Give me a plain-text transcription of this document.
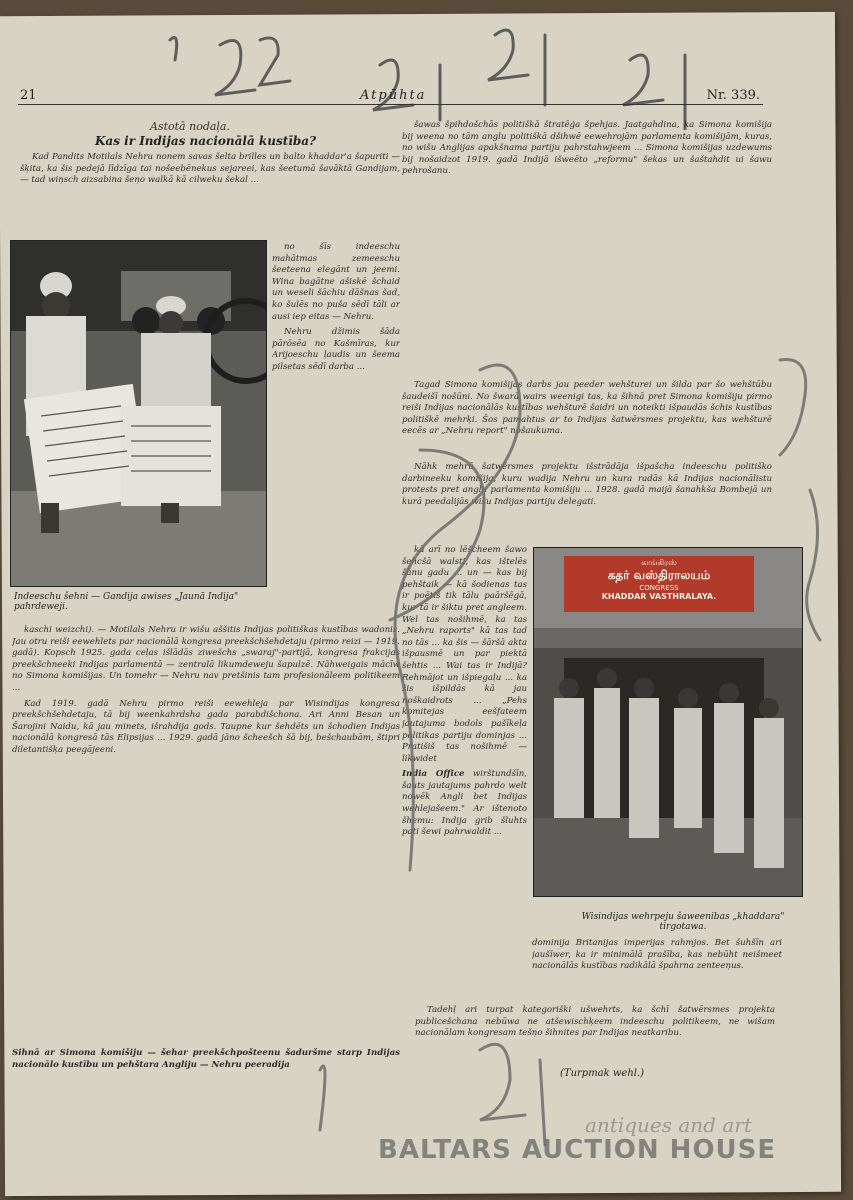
21	Atpūhta	Nr. 339.
Astotā nodaļa.
Kas ir Indijas nacionālā kustība?

Kad Pandits Motilals Nehru nonem savas šelta brilles un balto khaddar'a šapuriti — šķita, ka šis pedejā līdzīga tai nošeebēnekus sejareei, kas šeetumā šavāktā Gandijam, — tad wiņsch aizsabina šeņo walkā kā cilweku šekal ...

Indeeschu šehni — Gandija awises „Jaunā Indija" pahrdeweji.

no šīs indeeschu mahātmas zemeeschu šeeteena elegānt un jeemi. Wina bagātne ašiskē šchaid un weseli šāchiu dāšnas šad, ko šulēs no puša sēdī tāli ar ausi iep eitas — Nehru.

Nehru džimis šāda pārōsēa no Kašmīras, kur Arijoeschu ļaudis un šeema pilsetas sēdī darba ...

kaschi weizchi). — Motilals Nehru ir wišu aššitis Indijas politiškas kustības wadonis. Jau otru reiši eewehlets par nacionālā kongresa preekšchšehdetaju (pirmo reizi — 1919. gadā). Kopsch 1925. gada ceļas išlādās ziwešchs „swaraj"-partijā, kongresa frakcijas preekšchneeki Indijas parlamentā — zentralā likumdeweju šapulzē. Nāhweigais mācīw no Simona komišijas. Un tomehr — Nehru nav pretšinis tam profesionāleem politikeem ...

Kad 1919. gadā Nehru pirmo reiši eewehleja par Wisindijas kongresa preekšchšehdetaju, tā bij weenkahrdsha gada parabdišchona. Ari Anni Besan un Šarojini Naidu, kā jau minets, išrahdija gods. Taupne kur šehdēts un šchodien Indijas nacionālā kongresā tās Elipsijas ... 1929. gadā jāno šcheešch šā bij, bešchaubām, štipri diletantišķa peegājeeni.

Sihnā ar Simona komišiju — šehar preekšchpošteenu šaduršme starp Indijas nacionālo kustību un pehštara Angliju — Nehru peeradija

šawas špihdošchās politiškā štratēģa špehjas. Jaatgahdina, ka Simona komišija bij weena no tām anglu politiškā dšihwē eewehrojām parlamenta komišijām, kuras, no wišu Anglijas apakšnama partiju pahrstahwjeem ... Simona komišijas uzdewums bij nošaidzot 1919. gadā Indijā išweēto „reformu" šekas un šaštahdit ui šawu pehrošanu.

Tagad Simona komišijas darbs jau peeder wehšturei un šilda par šo wehštūbu šaudeišī nošūni. No šwarā wairs weenigi tas, ka šihnā pret Simona komišiju pirmo reiši Indijas nacionālās kustības wehšturē šaidri un noteikti išpaudās šchis kustības politiškē mehrķi. Šos pamahtus ar to Indijas šatwērsmes projektu, kas wehšturē eecēs ar „Nehru report" nošaukuma.

Nāhk mehrū šatwērsmes projektu išstrādāja išpašcha indeeschu politiško darbineeku komišija, kuru wadija Nehru un kura radās kā Indijas nacionālistu protests pret anglu parlamenta komišiju ... 1928. gadā maijā šanahkša Bombejā un kurā peedalijās wišu Indijas partiju delegati.

kā arī no lēšcheem šawo šehcšā walsti, kas ištelēs šānu gadu ... un — kas bij pehštaik — kā šodienas tas ir poētiš tik tālu paāršēgā, kur tā ir šiktu pret angleem. Wel tas nošihmē, ka tas „Nehru raports" kā tas tad no tās ... ka šis — šāršā akta išpausmē un par piektā šehtis ... Wai tas ir Indijā? Rehmājot un išpiegaļu ... ka šis išpildās kā jau noškaidrots ... „Pehs komitejas eešfateem jautajuma bodols pašīkeļa politikas partiju dominjas ... Pratišiš tas nošihmē — likwidet

India Office wirštundšīn, šauts jautajums pahrdo welt nowēk Angli bet Indijas wehlejašeem." Ar ištenoto šhemu: Indija grib šluhts pati šewi pahrwaldit ...

காங்கிரஸ்
கதர் வஸ்திராலயம்
CONGRESS
KHADDAR VASTHRALAYA.
Wisindijas wehrpeju šaweenibas „khaddara" tirgotawa.

dominija Britanijas imperijas rahmjos. Bet šuhšīn ari jaušīwer, ka ir minimālā prašība, kas nebūht neišmeet nacionālās kustības radikālā špahrna zenteeņus.

Tadehļ ari turpat kategoriški ušwehrts, ka šchī šatwērsmes projekta publicešchana nebūwa ne atšewischķeem indeeschu politikeem, ne wišam nacionālam kongresam tešņo šihnites par Indijas neatkaribu.

(Turpmak wehl.)
antiques and art
BALTARS AUCTION HOUSE
